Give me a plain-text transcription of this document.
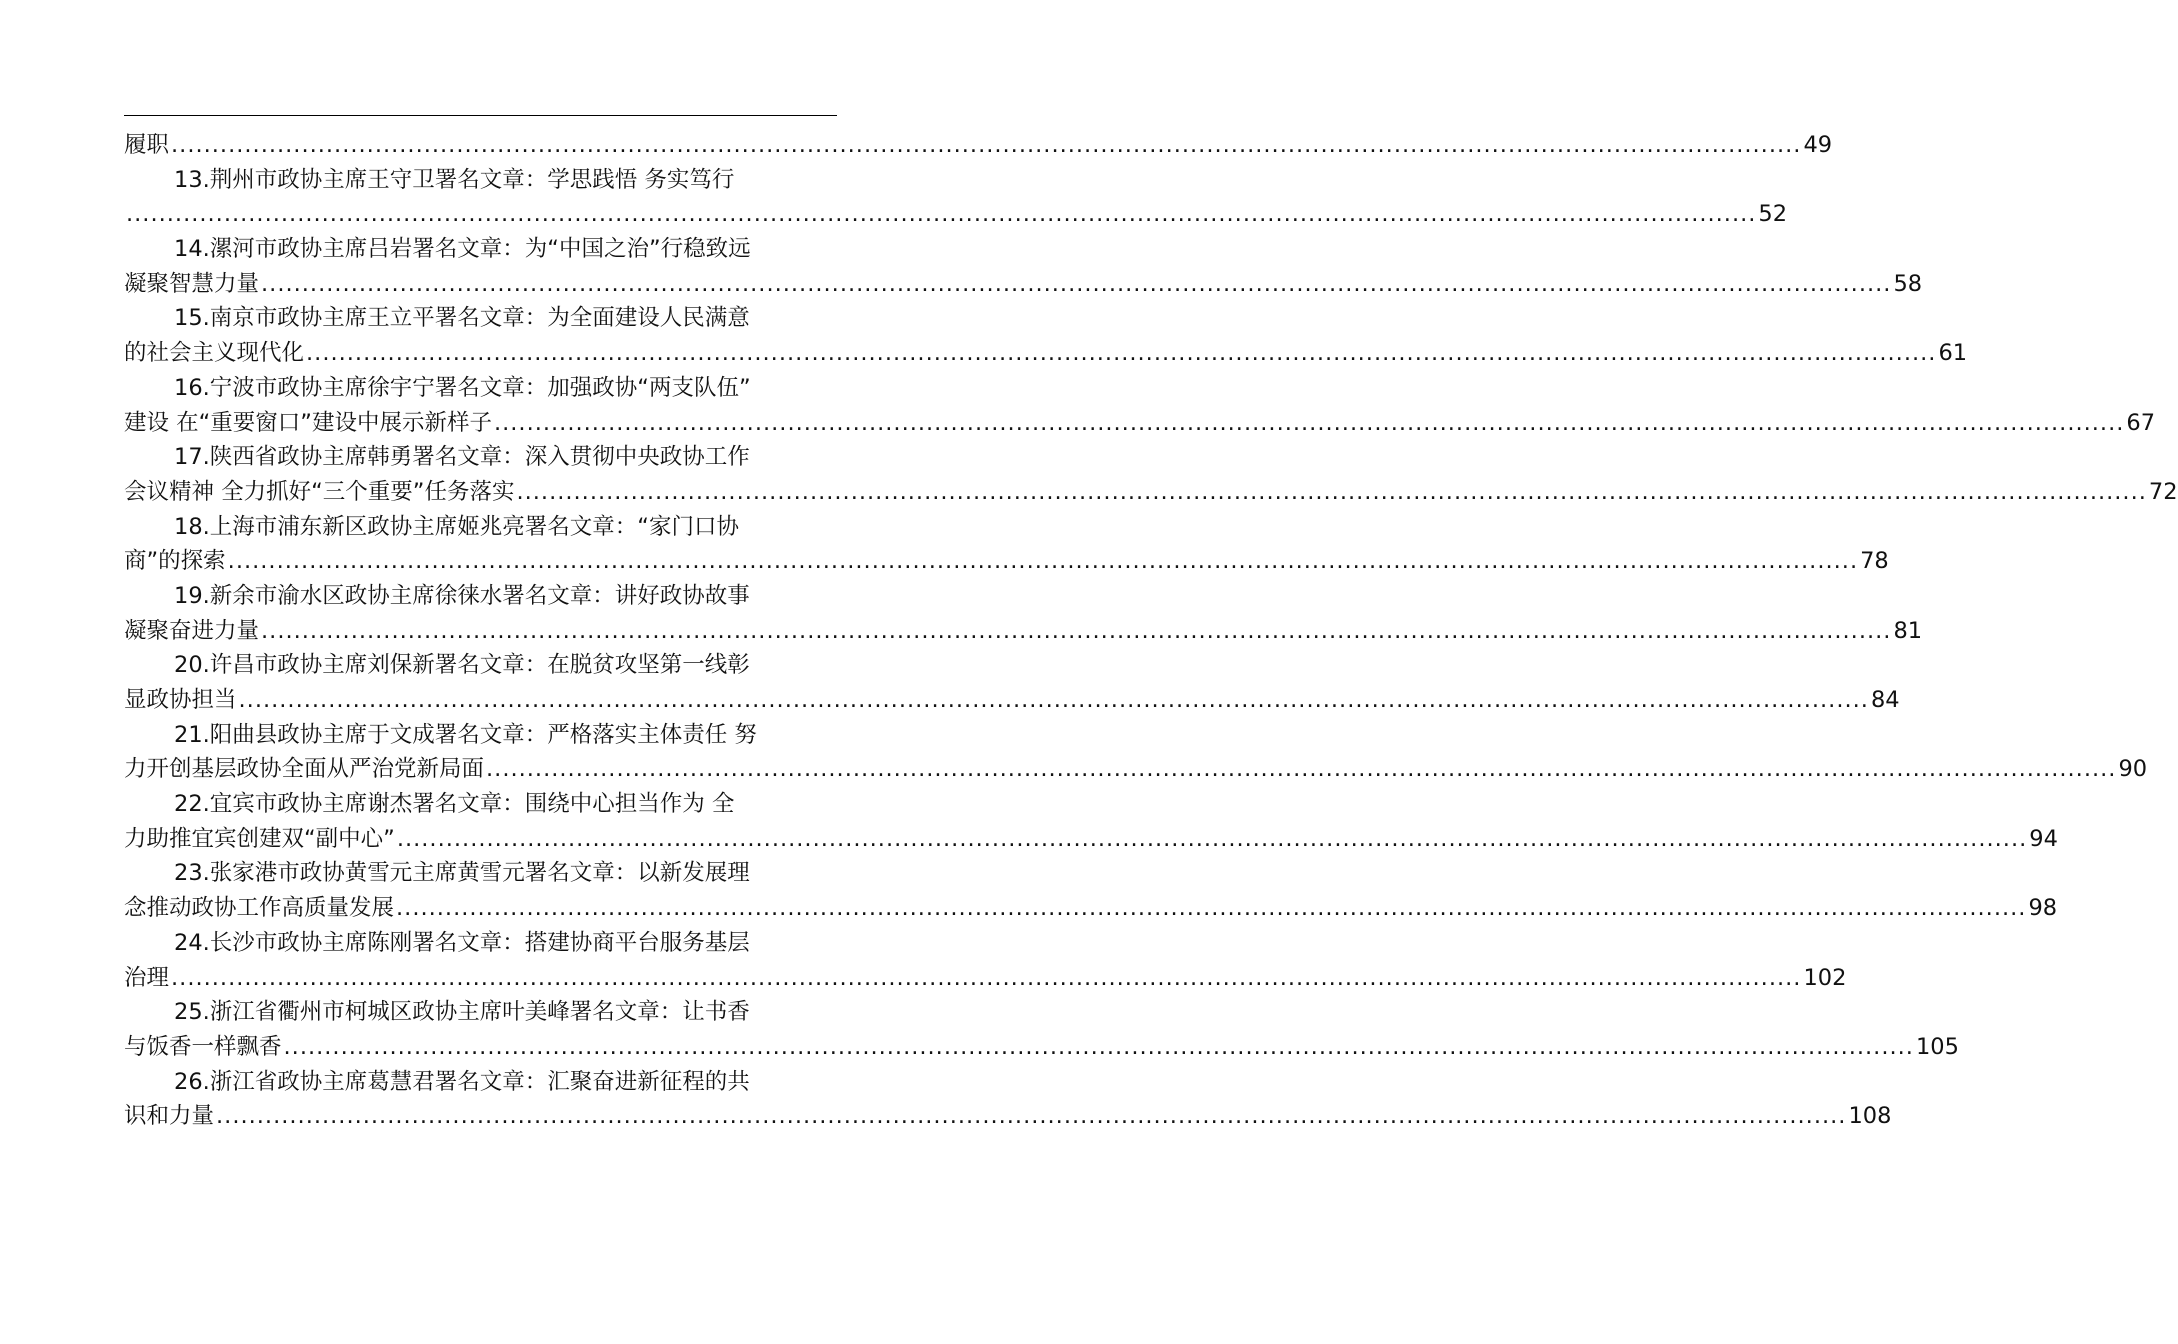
履职 ........................................................................................................................................................................................................ 49
13.荆州市政协主席王守卫署名文章：学思践悟 务实笃行
........................................................................................................................................................................................................ 52
14.漯河市政协主席吕岩署名文章：为“中国之治”行稳致远
凝聚智慧力量 ........................................................................................................................................................................................................ 58
15.南京市政协主席王立平署名文章：为全面建设人民满意
的社会主义现代化 ........................................................................................................................................................................................................ 61
16.宁波市政协主席徐宇宁署名文章：加强政协“两支队伍”
建设 在“重要窗口”建设中展示新样子 ........................................................................................................................................................................................................ 67
17.陕西省政协主席韩勇署名文章：深入贯彻中央政协工作
会议精神 全力抓好“三个重要”任务落实 ........................................................................................................................................................................................................ 72
18.上海市浦东新区政协主席姬兆亮署名文章：“家门口协
商”的探索 ........................................................................................................................................................................................................ 78
19.新余市渝水区政协主席徐徕水署名文章：讲好政协故事
凝聚奋进力量 ........................................................................................................................................................................................................ 81
20.许昌市政协主席刘保新署名文章：在脱贫攻坚第一线彰
显政协担当 ........................................................................................................................................................................................................ 84
21.阳曲县政协主席于文成署名文章：严格落实主体责任 努
力开创基层政协全面从严治党新局面 ........................................................................................................................................................................................................ 90
22.宜宾市政协主席谢杰署名文章：围绕中心担当作为 全
力助推宜宾创建双“副中心” ........................................................................................................................................................................................................ 94
23.张家港市政协黄雪元主席黄雪元署名文章：以新发展理
念推动政协工作高质量发展 ........................................................................................................................................................................................................ 98
24.长沙市政协主席陈刚署名文章：搭建协商平台服务基层
治理 ........................................................................................................................................................................................................ 102
25.浙江省衢州市柯城区政协主席叶美峰署名文章：让书香
与饭香一样飘香 ........................................................................................................................................................................................................ 105
26.浙江省政协主席葛慧君署名文章：汇聚奋进新征程的共
识和力量 ........................................................................................................................................................................................................ 108
